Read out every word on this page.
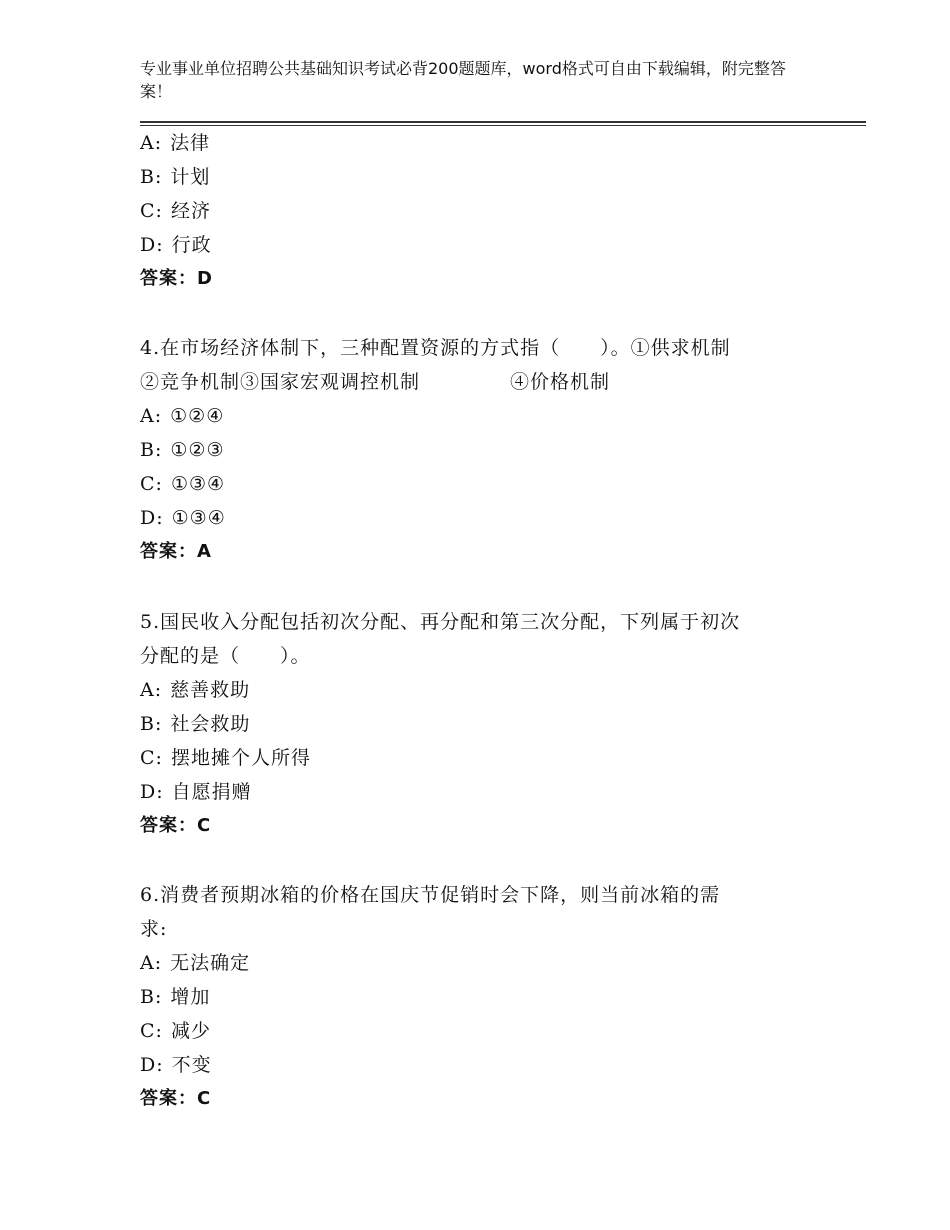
专业事业单位招聘公共基础知识考试必背200题题库，word格式可自由下载编辑，附完整答案！
A: 法律
B: 计划
C: 经济
D: 行政
答案：D
4.在市场经济体制下，三种配置资源的方式指（　　）。①供求机制
②竞争机制③国家宏观调控机制	④价格机制
A: ①②④
B: ①②③
C: ①③④
D: ①③④
答案：A
5.国民收入分配包括初次分配、再分配和第三次分配，下列属于初次
分配的是（　　）。
A: 慈善救助
B: 社会救助
C: 摆地摊个人所得
D: 自愿捐赠
答案：C
6.消费者预期冰箱的价格在国庆节促销时会下降，则当前冰箱的需
求:
A: 无法确定
B: 增加
C: 减少
D: 不变
答案：C
